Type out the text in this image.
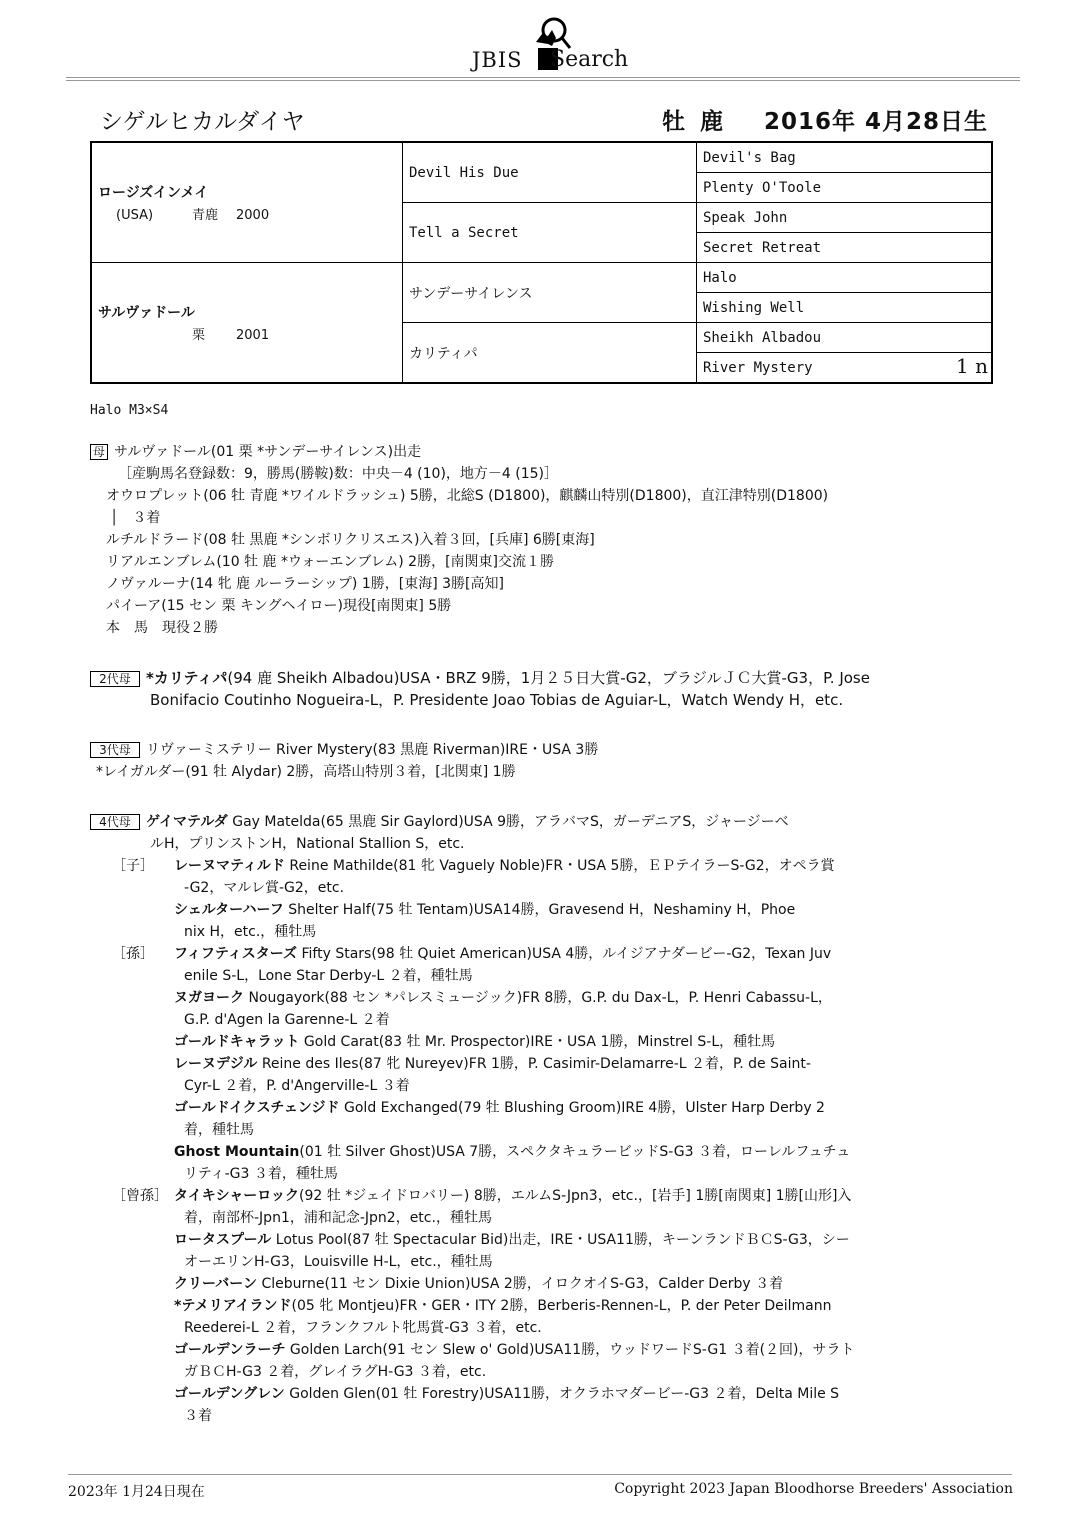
JBIS Search
シゲルヒカルダイヤ	牡 鹿 2016年 4月28日生
ロージズインメイ
(USA) 青鹿 2000	Devil His Due	Devil's Bag
		Plenty O'Toole
	Tell a Secret	Speak John
		Secret Retreat

サルヴァドール
栗 2001	サンデーサイレンス	Halo
		Wishing Well
	カリティパ	Sheikh Albadou
		River Mystery 1 n
Halo M3×S4
母 サルヴァドール(01 栗 *サンデーサイレンス)出走
［産駒馬名登録数：9，勝馬(勝鞍)数：中央－4 (10)，地方－4 (15)］
オウロプレット(06 牡 青鹿 *ワイルドラッシュ) 5勝，北総S (D1800)，麒麟山特別(D1800)，直江津特別(D1800)
│　３着
ルチルドラード(08 牡 黒鹿 *シンボリクリスエス)入着３回，[兵庫] 6勝[東海]
リアルエンブレム(10 牡 鹿 *ウォーエンブレム) 2勝，[南関東]交流１勝
ノヴァルーナ(14 牝 鹿 ルーラーシップ) 1勝，[東海] 3勝[高知]
パイーア(15 セン 栗 キングヘイロー)現役[南関東] 5勝
本　馬　現役２勝
2代母 *カリティパ(94 鹿 Sheikh Albadou)USA・BRZ 9勝，1月２５日大賞-G2，ブラジルＪＣ大賞-G3，P. Jose
Bonifacio Coutinho Nogueira-L，P. Presidente Joao Tobias de Aguiar-L，Watch Wendy H，etc.
3代母 リヴァーミステリー River Mystery(83 黒鹿 Riverman)IRE・USA 3勝
*レイガルダー(91 牡 Alydar) 2勝，高塔山特別３着，[北関東] 1勝
4代母 ゲイマテルダ Gay Matelda(65 黒鹿 Sir Gaylord)USA 9勝，アラバマS，ガーデニアS，ジャージーベ
ルH，プリンストンH，National Stallion S，etc.
［子］ レーヌマティルド Reine Mathilde(81 牝 Vaguely Noble)FR・USA 5勝，ＥＰテイラーS-G2，オペラ賞
-G2，マルレ賞-G2，etc.
シェルターハーフ Shelter Half(75 牡 Tentam)USA14勝，Gravesend H，Neshaminy H，Phoe
nix H，etc.，種牡馬
［孫］ フィフティスターズ Fifty Stars(98 牡 Quiet American)USA 4勝，ルイジアナダービー-G2，Texan Juv
enile S-L，Lone Star Derby-L ２着，種牡馬
ヌガヨーク Nougayork(88 セン *パレスミュージック)FR 8勝，G.P. du Dax-L，P. Henri Cabassu-L，
G.P. d'Agen la Garenne-L ２着
ゴールドキャラット Gold Carat(83 牡 Mr. Prospector)IRE・USA 1勝，Minstrel S-L，種牡馬
レーヌデジル Reine des Iles(87 牝 Nureyev)FR 1勝，P. Casimir-Delamarre-L ２着，P. de Saint-
Cyr-L ２着，P. d'Angerville-L ３着
ゴールドイクスチェンジド Gold Exchanged(79 牡 Blushing Groom)IRE 4勝，Ulster Harp Derby 2
着，種牡馬
Ghost Mountain(01 牡 Silver Ghost)USA 7勝，スペクタキュラービッドS-G3 ３着，ローレルフュチュ
リティ-G3 ３着，種牡馬
［曾孫］ タイキシャーロック(92 牡 *ジェイドロバリー) 8勝，エルムS-Jpn3，etc.，[岩手] 1勝[南関東] 1勝[山形]入
着，南部杯-Jpn1，浦和記念-Jpn2，etc.，種牡馬
ロータスプール Lotus Pool(87 牡 Spectacular Bid)出走，IRE・USA11勝，キーンランドＢＣS-G3，シー
オーエリンH-G3，Louisville H-L，etc.，種牡馬
クリーバーン Cleburne(11 セン Dixie Union)USA 2勝，イロクオイS-G3，Calder Derby ３着
*テメリアイランド(05 牝 Montjeu)FR・GER・ITY 2勝，Berberis-Rennen-L，P. der Peter Deilmann
Reederei-L ２着，フランクフルト牝馬賞-G3 ３着，etc.
ゴールデンラーチ Golden Larch(91 セン Slew o' Gold)USA11勝，ウッドワードS-G1 ３着(２回)，サラト
ガＢＣH-G3 ２着，グレイラグH-G3 ３着，etc.
ゴールデングレン Golden Glen(01 牡 Forestry)USA11勝，オクラホマダービー-G3 ２着，Delta Mile S
３着
2023年 1月24日現在	Copyright 2023 Japan Bloodhorse Breeders' Association
